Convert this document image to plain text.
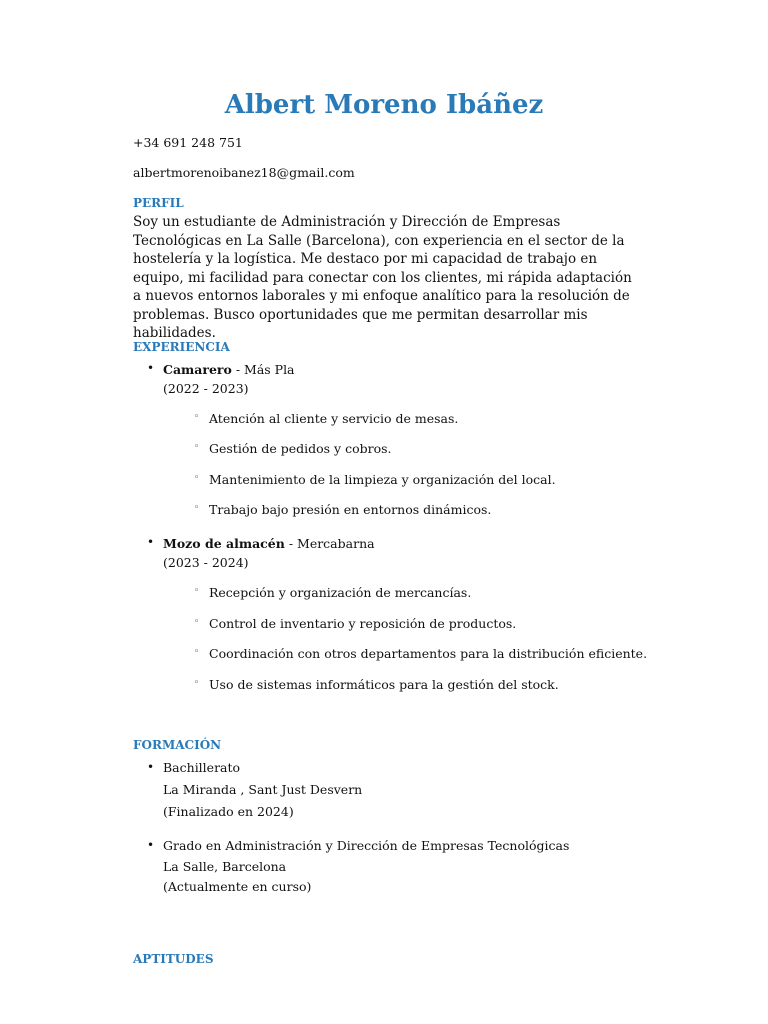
Albert Moreno Ibáñez

+34 691 248 751

albertmorenoibanez18@gmail.com

PERFIL

Soy un estudiante de Administración y Dirección de Empresas Tecnológicas en La Salle (Barcelona), con experiencia en el sector de la hostelería y la logística. Me destaco por mi capacidad de trabajo en equipo, mi facilidad para conectar con los clientes, mi rápida adaptación a nuevos entornos laborales y mi enfoque analítico para la resolución de problemas. Busco oportunidades que me permitan desarrollar mis habilidades.

EXPERIENCIA
• Camarero - Más Pla
(2022 - 2023)
◦ Atención al cliente y servicio de mesas.
◦ Gestión de pedidos y cobros.
◦ Mantenimiento de la limpieza y organización del local.
◦ Trabajo bajo presión en entornos dinámicos.
• Mozo de almacén - Mercabarna
(2023 - 2024)
◦ Recepción y organización de mercancías.
◦ Control de inventario y reposición de productos.
◦ Coordinación con otros departamentos para la distribución eficiente.
◦ Uso de sistemas informáticos para la gestión del stock.
FORMACIÓN
• Bachillerato
La Miranda , Sant Just Desvern
(Finalizado en 2024)
• Grado en Administración y Dirección de Empresas Tecnológicas
La Salle, Barcelona
(Actualmente en curso)
APTITUDES
